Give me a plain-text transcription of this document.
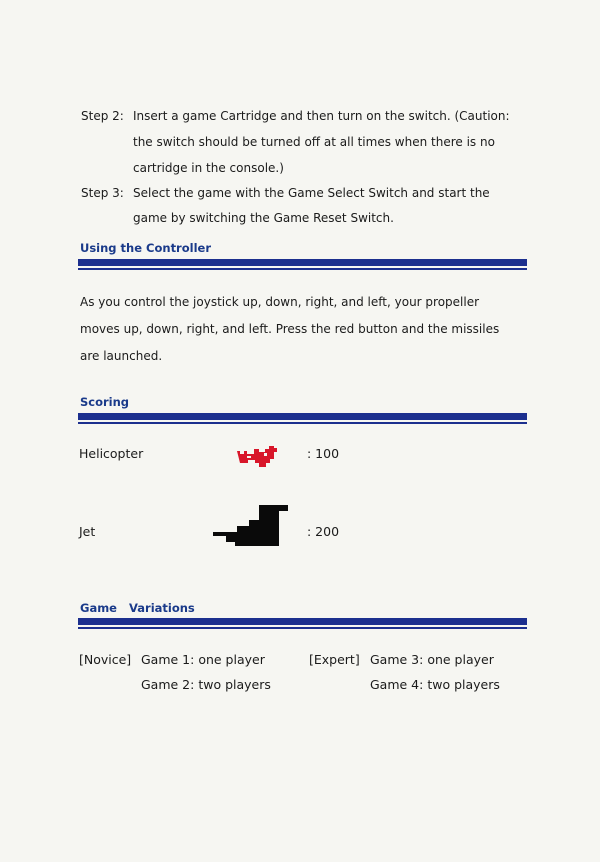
Step 2: Insert a game Cartridge and then turn on the switch. (Caution:
the switch should be turned off at all times when there is no
cartridge in the console.)
Step 3: Select the game with the Game Select Switch and start the
game by switching the Game Reset Switch.
Using the Controller
As you control the joystick up, down, right, and left, your propeller
moves up, down, right, and left. Press the red button and the missiles
are launched.
Scoring
Helicopter	: 100
Jet	: 200
Game   Variations
[Novice] Game 1: one player
Game 2: two players
[Expert] Game 3: one player
Game 4: two players
